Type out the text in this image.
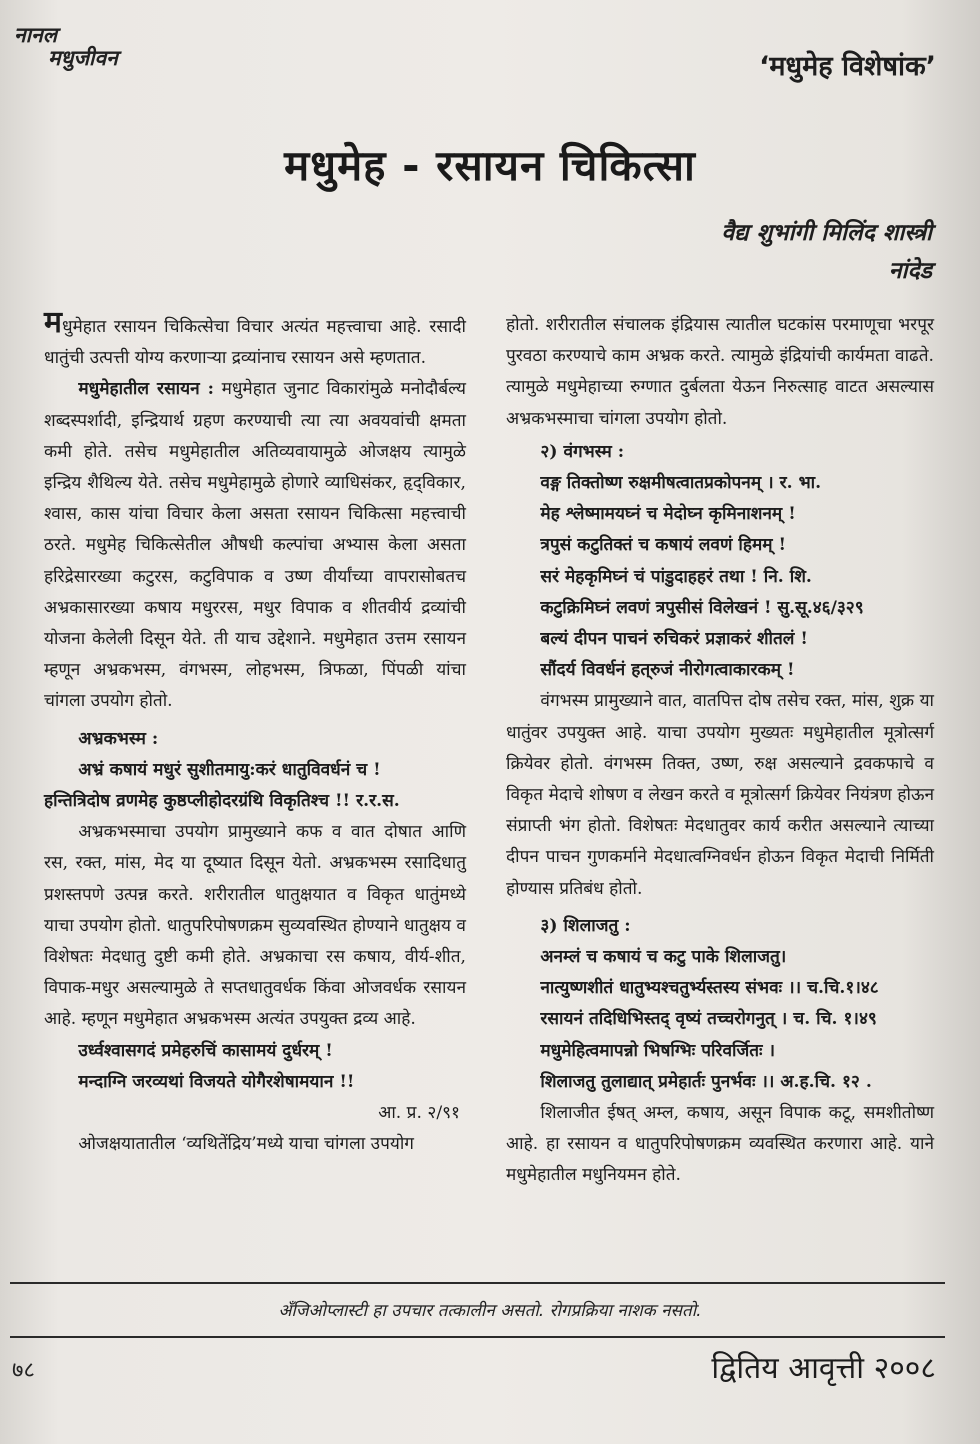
नानल
मधुजीवन	‘मधुमेह विशेषांक’
मधुमेह - रसायन चिकित्सा
वैद्य शुभांगी मिलिंद शास्त्री
नांदेड

मधुमेहात रसायन चिकित्सेचा विचार अत्यंत महत्त्वाचा आहे. रसादी धातुंची उत्पत्ती योग्य करणाऱ्या द्रव्यांनाच रसायन असे म्हणतात.

मधुमेहातील रसायन : मधुमेहात जुनाट विकारांमुळे मनोदौर्बल्य शब्दस्पर्शादी, इन्द्रियार्थ ग्रहण करण्याची त्या त्या अवयवांची क्षमता कमी होते. तसेच मधुमेहातील अतिव्यवायामुळे ओजक्षय त्यामुळे इन्द्रिय शैथिल्य येते. तसेच मधुमेहामुळे होणारे व्याधिसंकर, हृद्‌विकार, श्वास, कास यांचा विचार केला असता रसायन चिकित्सा महत्त्वाची ठरते. मधुमेह चिकित्सेतील औषधी कल्पांचा अभ्यास केला असता हरिद्रेसारख्या कटुरस, कटुविपाक व उष्ण वीर्यांच्या वापरासोबतच अभ्रकासारख्या कषाय मधुररस, मधुर विपाक व शीतवीर्य द्रव्यांची योजना केलेली दिसून येते. ती याच उद्देशाने. मधुमेहात उत्तम रसायन म्हणून अभ्रकभस्म, वंगभस्म, लोहभस्म, त्रिफळा, पिंपळी यांचा चांगला उपयोग होतो.

अभ्रकभस्म :

अभ्रं कषायं मधुरं सुशीतमायु:करं धातुविवर्धनं च !

हन्तित्रिदोष व्रणमेह कुष्ठप्लीहोदरग्रंथि विकृतिश्च !! र.र.स.

अभ्रकभस्माचा उपयोग प्रामुख्याने कफ व वात दोषात आणि रस, रक्त, मांस, मेद या दूष्यात दिसून येतो. अभ्रकभस्म रसादिधातु प्रशस्तपणे उत्पन्न करते. शरीरातील धातुक्षयात व विकृत धातुंमध्ये याचा उपयोग होतो. धातुपरिपोषणक्रम सुव्यवस्थित होण्याने धातुक्षय व विशेषतः मेदधातु दुष्टी कमी होते. अभ्रकाचा रस कषाय, वीर्य-शीत, विपाक-मधुर असल्यामुळे ते सप्तधातुवर्धक किंवा ओजवर्धक रसायन आहे. म्हणून मधुमेहात अभ्रकभस्म अत्यंत उपयुक्त द्रव्य आहे.

उर्ध्वश्वासगदं प्रमेहरुचिं कासामयं दुर्धरम् !

मन्दाग्नि जरव्यथां विजयते योगैरशेषामयान !!

आ. प्र. २/९१

ओजक्षयातातील ‘व्यथितेंद्रिय’मध्ये याचा चांगला उपयोग

होतो. शरीरातील संचालक इंद्रियास त्यातील घटकांस परमाणूचा भरपूर पुरवठा करण्याचे काम अभ्रक करते. त्यामुळे इंद्रियांची कार्यमता वाढते. त्यामुळे मधुमेहाच्या रुग्णात दुर्बलता येऊन निरुत्साह वाटत असल्यास अभ्रकभस्माचा चांगला उपयोग होतो.

२) वंगभस्म :

वङ्ग तिक्तोष्ण रुक्षमीषत्वातप्रकोपनम् । र. भा.

मेह श्लेष्मामयघ्नं च मेदोघ्न कृमिनाशनम् !

त्रपुसं कटुतिक्तं च कषायं लवणं हिमम् !

सरं मेहकृमिघ्नं चं पांडुदाहहरं तथा ! नि. शि.

कटुक्रिमिघ्नं लवणं त्रपुसीसं विलेखनं ! सु.सू.४६/३२९

बल्यं दीपन पाचनं रुचिकरं प्रज्ञाकरं शीतलं !

सौंदर्य विवर्धनं हत्‌रुजं नीरोगत्वाकारकम् !

वंगभस्म प्रामुख्याने वात, वातपित्त दोष तसेच रक्त, मांस, शुक्र या धातुंवर उपयुक्त आहे. याचा उपयोग मुख्यतः मधुमेहातील मूत्रोत्सर्ग क्रियेवर होतो. वंगभस्म तिक्त, उष्ण, रुक्ष असल्याने द्रवकफाचे व विकृत मेदाचे शोषण व लेखन करते व मूत्रोत्सर्ग क्रियेवर नियंत्रण होऊन संप्राप्ती भंग होतो. विशेषतः मेदधातुवर कार्य करीत असल्याने त्याच्या दीपन पाचन गुणकर्माने मेदधात्वग्निवर्धन होऊन विकृत मेदाची निर्मिती होण्यास प्रतिबंध होतो.

३) शिलाजतु :

अनम्लं च कषायं च कटु पाके शिलाजतु।

नात्युष्णशीतं धातुभ्यश्चतुर्भ्यस्तस्य संभवः ।। च.चि.१।४८

रसायनं तदिधिभिस्तद् वृष्यं तच्चरोगनुत् । च. चि. १।४९

मधुमेहित्वमापन्नो भिषग्भिः परिवर्जितः ।

शिलाजतु तुलाद्यात् प्रमेहार्तः पुनर्भवः ।। अ.ह.चि. १२ .

शिलाजीत ईषत् अम्ल, कषाय, असून विपाक कटू, समशीतोष्ण आहे. हा रसायन व धातुपरिपोषणक्रम व्यवस्थित करणारा आहे. याने मधुमेहातील मधुनियमन होते.

अँजिओप्लास्टी हा उपचार तत्कालीन असतो. रोगप्रक्रिया नाशक नसतो.
७८	द्वितिय आवृत्ती २००८
